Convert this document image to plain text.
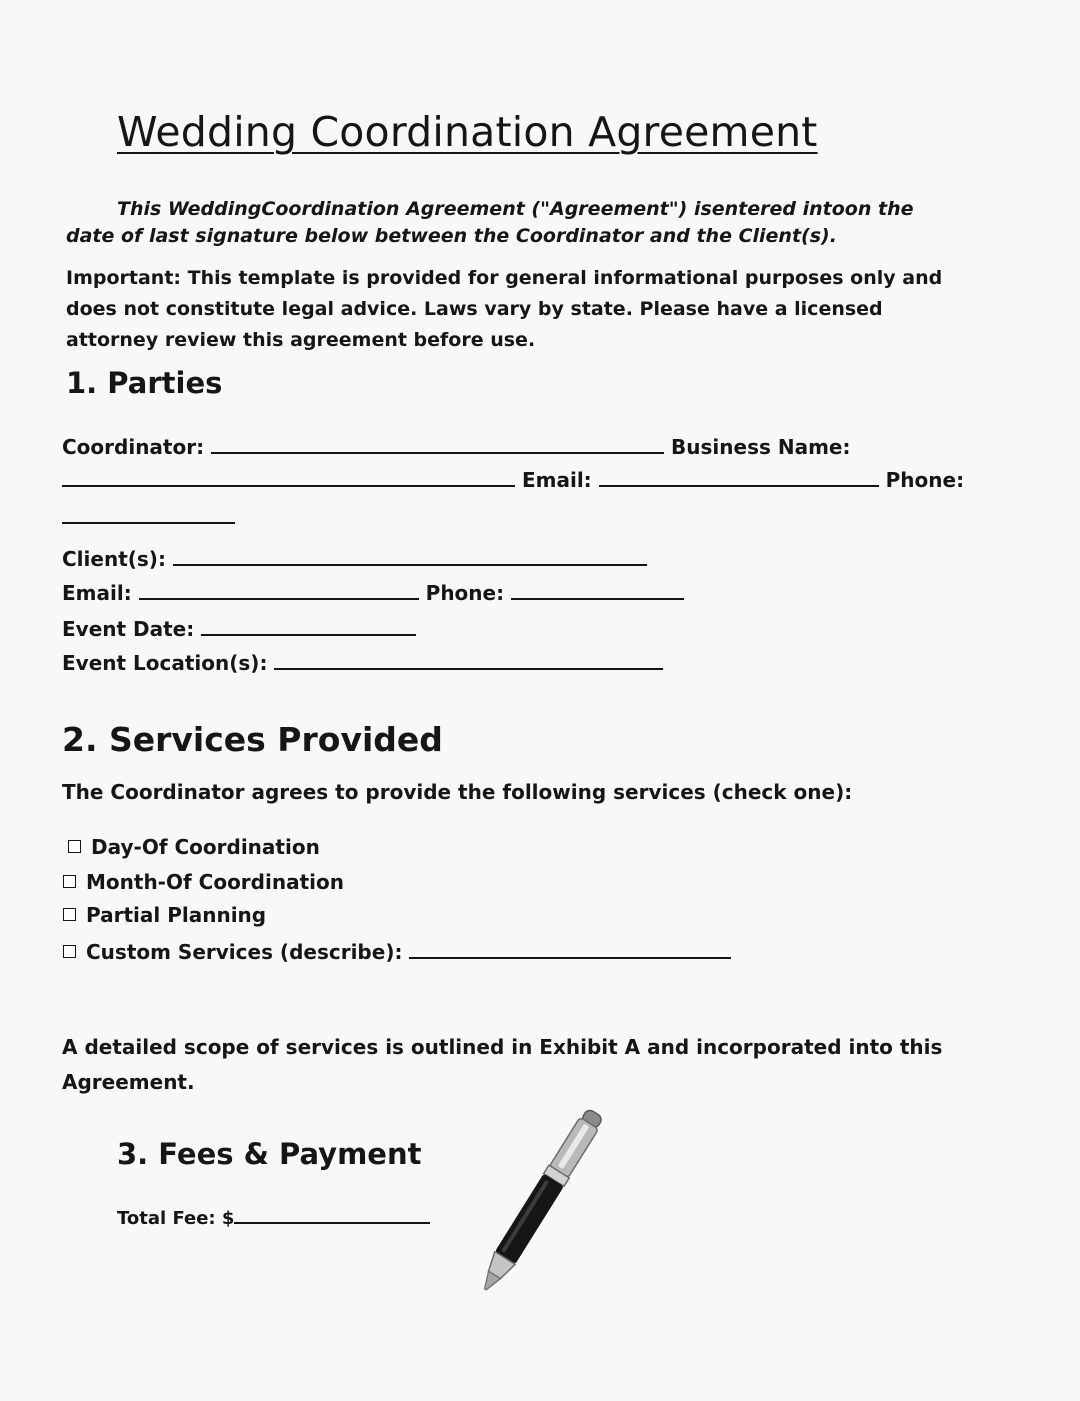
Wedding Coordination Agreement
This WeddingCoordination Agreement ("Agreement") isentered intoon the date of last signature below between the Coordinator and the Client(s).
Important: This template is provided for general informational purposes only and does not constitute legal advice. Laws vary by state. Please have a licensed attorney review this agreement before use.
1. Parties
Coordinator:	Business Name:
Email:	Phone:
Client(s):
Email:	Phone:
Event Date:
Event Location(s):
2. Services Provided
The Coordinator agrees to provide the following services (check one):
Day-Of Coordination
Month-Of Coordination
Partial Planning
Custom Services (describe):
A detailed scope of services is outlined in Exhibit A and incorporated into this Agreement.
3. Fees & Payment
Total Fee: $
